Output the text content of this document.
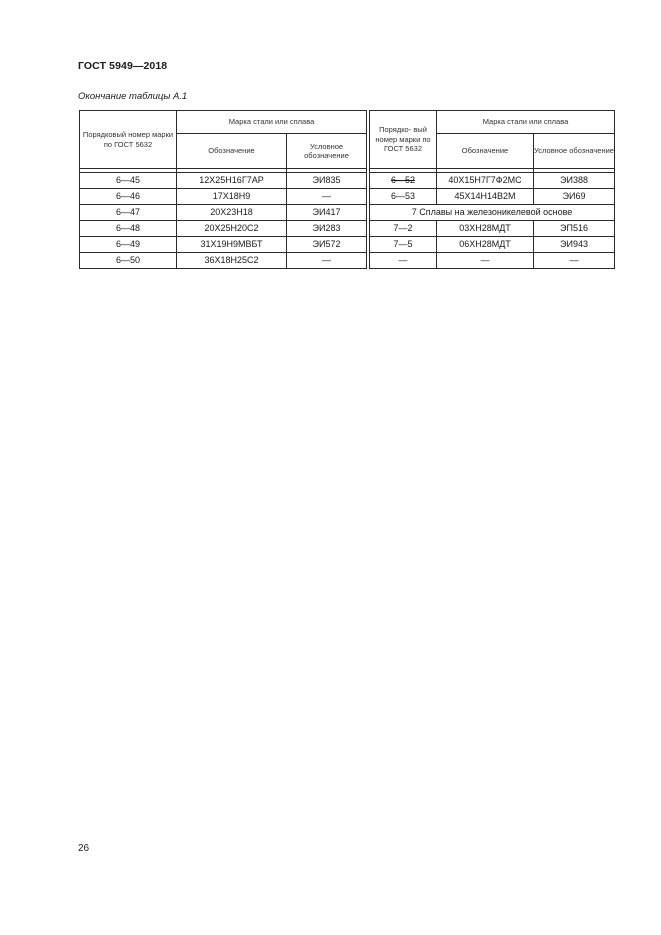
ГОСТ 5949—2018
Окончание таблицы А.1
Порядковый номер марки по ГОСТ 5632	Марка стали или сплава	
	Обозначение	Условное обозначение

6—45	12Х25Н16Г7АР	ЭИ835
6—46	17Х18Н9	—
6—47	20Х23Н18	ЭИ417
6—48	20Х25Н20С2	ЭИ283
6—49	31Х19Н9МВБТ	ЭИ572
6—50	36Х18Н25С2	—
Порядко- вый номер марки по ГОСТ 5632	Марка стали или сплава	
	Обозначение	Условное обозначение

6—52	40Х15Н7Г7Ф2МС	ЭИ388
6—53	45Х14Н14В2М	ЭИ69
7 Сплавы на железоникелевой основе		
7—2	03ХН28МДТ	ЭП516
7—5	06ХН28МДТ	ЭИ943
—	—	—
26
